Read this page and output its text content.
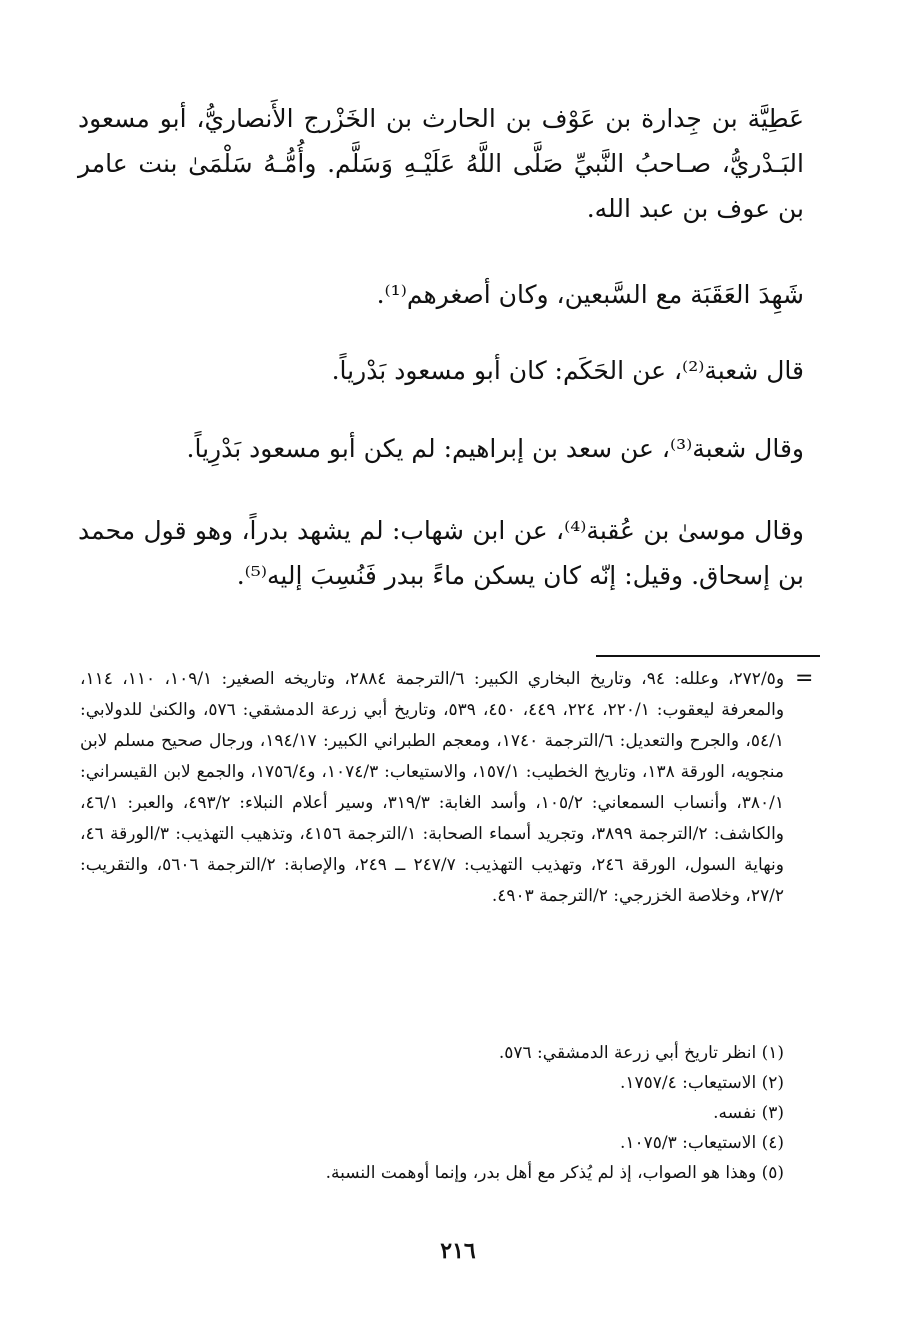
عَطِيَّة بن جِدارة بن عَوْف بن الحارث بن الخَزْرج الأَنصاريُّ، أبو مسعود البَـدْريُّ، صـاحبُ النَّبيِّ صَلَّى اللَّهُ عَلَيْـهِ وَسَلَّم. وأُمُّـهُ سَلْمَىٰ بنت عامر بن عوف بن عبد الله.

شَهِدَ العَقَبَة مع السَّبعين، وكان أصغرهم⁽¹⁾.

قال شعبة⁽²⁾، عن الحَكَم: كان أبو مسعود بَدْرياً.

وقال شعبة⁽³⁾، عن سعد بن إبراهيم: لم يكن أبو مسعود بَدْرِياً.

وقال موسىٰ بن عُقبة⁽⁴⁾، عن ابن شهاب: لم يشهد بدراً، وهو قول محمد بن إسحاق. وقيل: إنّه كان يسكن ماءً ببدر فَنُسِبَ إليه⁽⁵⁾.

=

و٢٧٢/٥، وعلله: ٩٤، وتاريخ البخاري الكبير: ٦/الترجمة ٢٨٨٤، وتاريخه الصغير: ١٠٩/١، ١١٠، ١١٤، والمعرفة ليعقوب: ٢٢٠/١، ٢٢٤، ٤٤٩، ٤٥٠، ٥٣٩، وتاريخ أبي زرعة الدمشقي: ٥٧٦، والكنىٰ للدولابي: ٥٤/١، والجرح والتعديل: ٦/الترجمة ١٧٤٠، ومعجم الطبراني الكبير: ١٩٤/١٧، ورجال صحيح مسلم لابن منجويه، الورقة ١٣٨، وتاريخ الخطيب: ١٥٧/١، والاستيعاب: ١٠٧٤/٣، و١٧٥٦/٤، والجمع لابن القيسراني: ٣٨٠/١، وأنساب السمعاني: ١٠٥/٢، وأسد الغابة: ٣١٩/٣، وسير أعلام النبلاء: ٤٩٣/٢، والعبر: ٤٦/١، والكاشف: ٢/الترجمة ٣٨٩٩، وتجريد أسماء الصحابة: ١/الترجمة ٤١٥٦، وتذهيب التهذيب: ٣/الورقة ٤٦، ونهاية السول، الورقة ٢٤٦، وتهذيب التهذيب: ٢٤٧/٧ ــ ٢٤٩، والإصابة: ٢/الترجمة ٥٦٠٦، والتقريب: ٢٧/٢، وخلاصة الخزرجي: ٢/الترجمة ٤٩٠٣.

(١) انظر تاريخ أبي زرعة الدمشقي: ٥٧٦.
(٢) الاستيعاب: ١٧٥٧/٤.
(٣) نفسه.
(٤) الاستيعاب: ١٠٧٥/٣.
(٥) وهذا هو الصواب، إذ لم يُذكر مع أهل بدر، وإنما أوهمت النسبة.
٢١٦
